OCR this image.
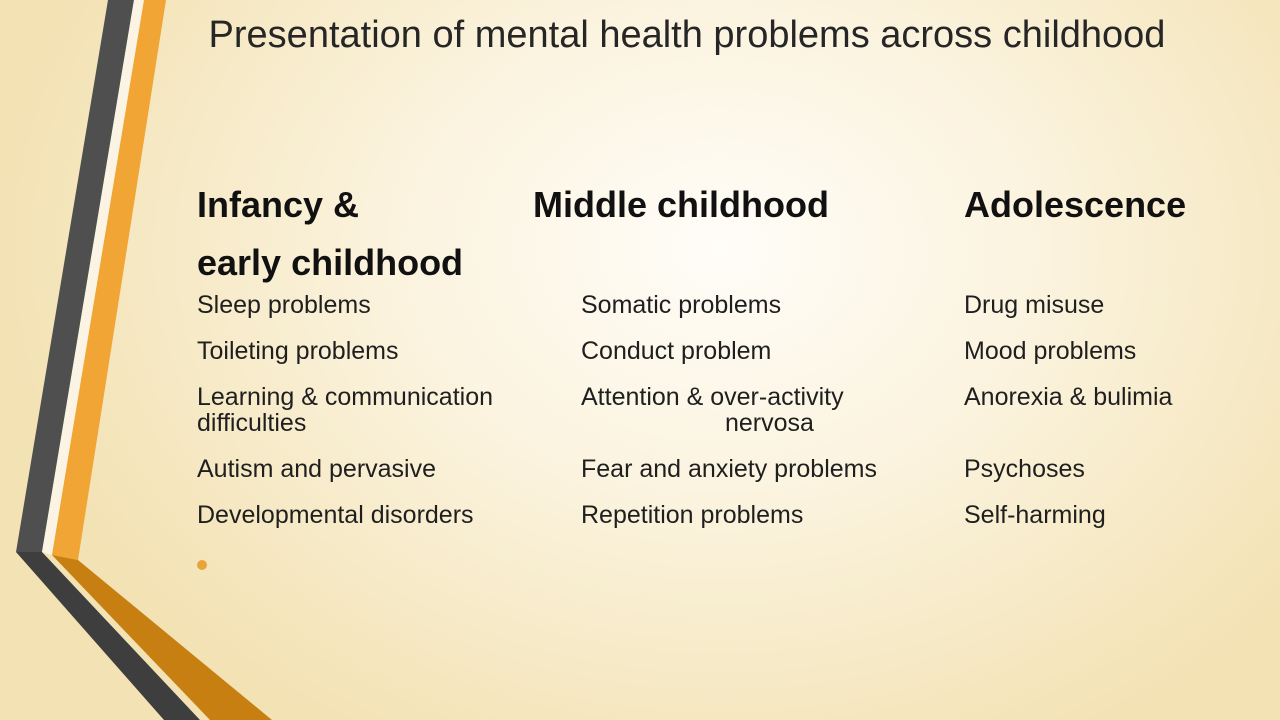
Presentation of mental health problems across childhood
Infancy &
early childhood
Middle childhood	Adolescence
Sleep problems
Toileting problems
Learning & communication
difficulties
Autism and pervasive
Developmental disorders
Somatic problems
Conduct problem
Attention & over-activity
nervosa
Fear and anxiety problems
Repetition problems
Drug misuse
Mood problems
Anorexia & bulimia

Psychoses
Self-harming
